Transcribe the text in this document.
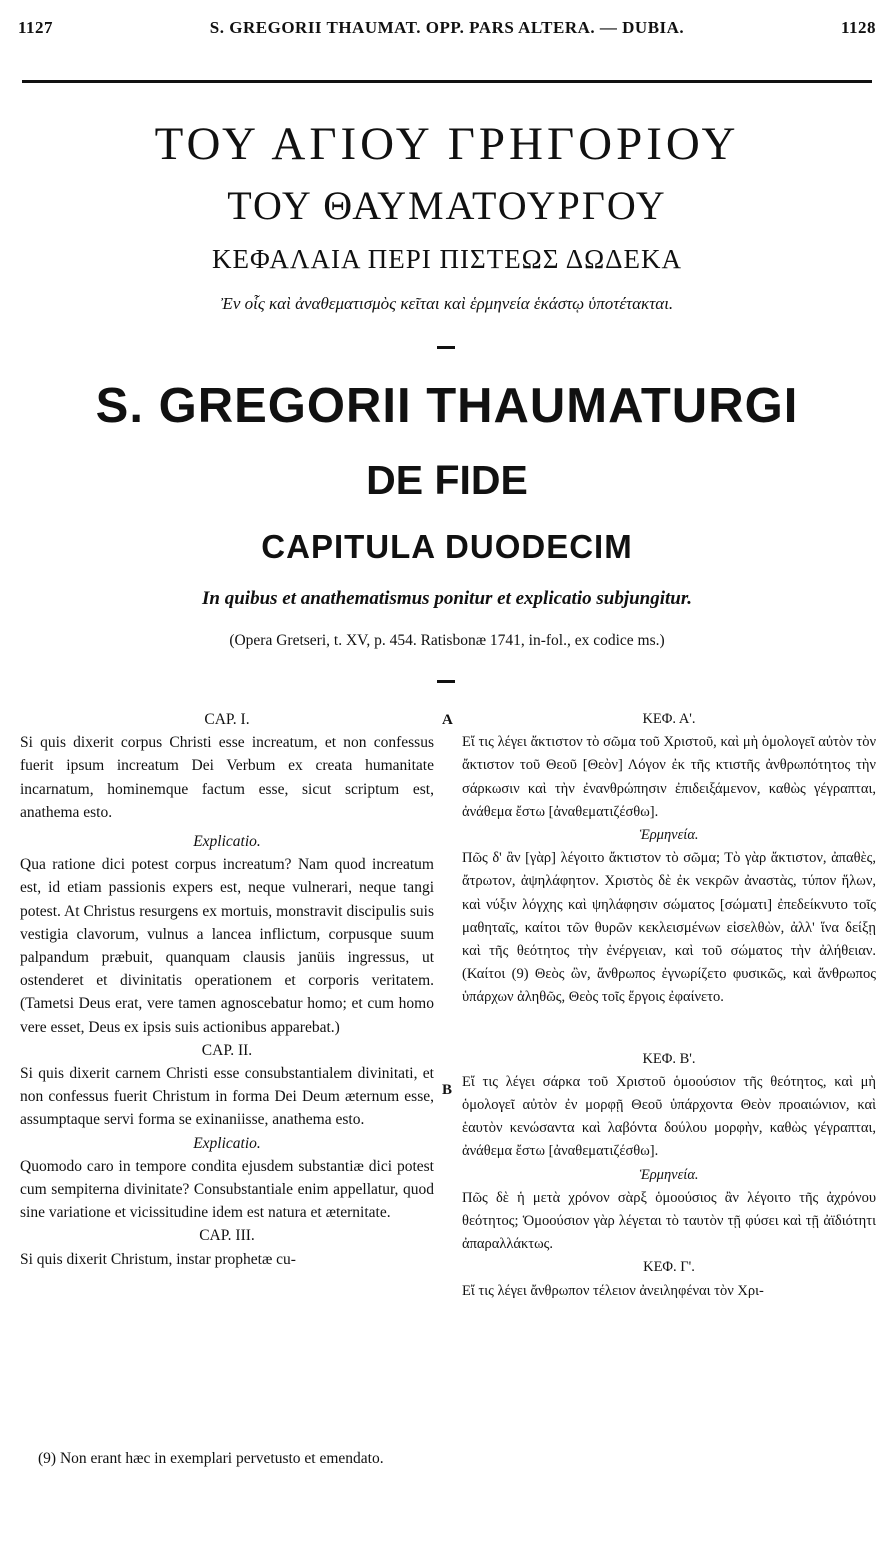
1127	S. GREGORII THAUMAT. OPP. PARS ALTERA. — DUBIA.	1128
ΤΟΥ ΑΓΙΟΥ ΓΡΗΓΟΡΙΟΥ
ΤΟΥ ΘΑΥΜΑΤΟΥΡΓΟΥ
ΚΕΦΑΛΑΙΑ ΠΕΡΙ ΠΙΣΤΕΩΣ ΔΩΔΕΚΑ
Ἐν οἷς καὶ ἀναθεματισμὸς κεῖται καὶ ἑρμηνεία ἑκάστῳ ὑποτέτακται.
S. GREGORII THAUMATURGI
DE FIDE
CAPITULA DUODECIM
In quibus et anathematismus ponitur et explicatio subjungitur.
(Opera Gretseri, t. XV, p. 454. Ratisbonæ 1741, in-fol., ex codice ms.)

CAP. I.

Si quis dixerit corpus Christi esse increatum, et non confessus fuerit ipsum increatum Dei Verbum ex creata humanitate incarnatum, hominemque factum esse, sicut scriptum est, anathema esto.

Explicatio.

Qua ratione dici potest corpus increatum? Nam quod increatum est, id etiam passionis expers est, neque vulnerari, neque tangi potest. At Christus resurgens ex mortuis, monstravit discipulis suis vestigia clavorum, vulnus a lancea inflictum, corpusque suum palpandum præbuit, quanquam clausis janüis ingressus, ut ostenderet et divinitatis operationem et corporis veritatem. (Tametsi Deus erat, vere tamen agnoscebatur homo; et cum homo vere esset, Deus ex ipsis suis actionibus apparebat.)

CAP. II.

Si quis dixerit carnem Christi esse consubstantialem divinitati, et non confessus fuerit Christum in forma Dei Deum æternum esse, assumptaque servi forma se exinaniisse, anathema esto.

Explicatio.

Quomodo caro in tempore condita ejusdem substantiæ dici potest cum sempiterna divinitate? Consubstantiale enim appellatur, quod sine variatione et vicissitudine idem est natura et æternitate.

CAP. III.

Si quis dixerit Christum, instar prophetæ cu-

A
B

ΚΕΦ. Α'.

Εἴ τις λέγει ἄκτιστον τὸ σῶμα τοῦ Χριστοῦ, καὶ μὴ ὁμολογεῖ αὐτὸν τὸν ἄκτιστον τοῦ Θεοῦ [Θεὸν] Λόγον ἐκ τῆς κτιστῆς ἀνθρωπότητος τὴν σάρκωσιν καὶ τὴν ἐνανθρώπησιν ἐπιδειξάμενον, καθὼς γέγραπται, ἀνάθεμα ἔστω [ἀναθεματιζέσθω].

Ἑρμηνεία.

Πῶς δ' ἂν [γὰρ] λέγοιτο ἄκτιστον τὸ σῶμα; Τὸ γὰρ ἄκτιστον, ἀπαθὲς, ἄτρωτον, ἀψηλάφητον. Χριστὸς δὲ ἐκ νεκρῶν ἀναστὰς, τύπον ἥλων, καὶ νύξιν λόγχης καὶ ψηλάφησιν σώματος [σώματι] ἐπεδείκνυτο τοῖς μαθηταῖς, καίτοι τῶν θυρῶν κεκλεισμένων εἰσελθὼν, ἀλλ' ἵνα δείξῃ καὶ τῆς θεότητος τὴν ἐνέργειαν, καὶ τοῦ σώματος τὴν ἀλήθειαν. (Καίτοι (9) Θεὸς ὢν, ἄνθρωπος ἐγνωρίζετο φυσικῶς, καὶ ἄνθρωπος ὑπάρχων ἀληθῶς, Θεὸς τοῖς ἔργοις ἐφαίνετο.

ΚΕΦ. Β'.

Εἴ τις λέγει σάρκα τοῦ Χριστοῦ ὁμοούσιον τῆς θεότητος, καὶ μὴ ὁμολογεῖ αὐτὸν ἐν μορφῇ Θεοῦ ὑπάρχοντα Θεὸν προαιώνιον, καὶ ἑαυτὸν κενώσαντα καὶ λαβόντα δούλου μορφὴν, καθὼς γέγραπται, ἀνάθεμα ἔστω [ἀναθεματιζέσθω].

Ἑρμηνεία.

Πῶς δὲ ἡ μετὰ χρόνον σὰρξ ὁμοούσιος ἂν λέγοιτο τῆς ἀχρόνου θεότητος; Ὁμοούσιον γὰρ λέγεται τὸ ταυτὸν τῇ φύσει καὶ τῇ ἀϊδιότητι ἀπαραλλάκτως.

ΚΕΦ. Γ'.

Εἴ τις λέγει ἄνθρωπον τέλειον ἀνειληφέναι τὸν Χρι-

(9) Non erant hæc in exemplari pervetusto et emendato.
